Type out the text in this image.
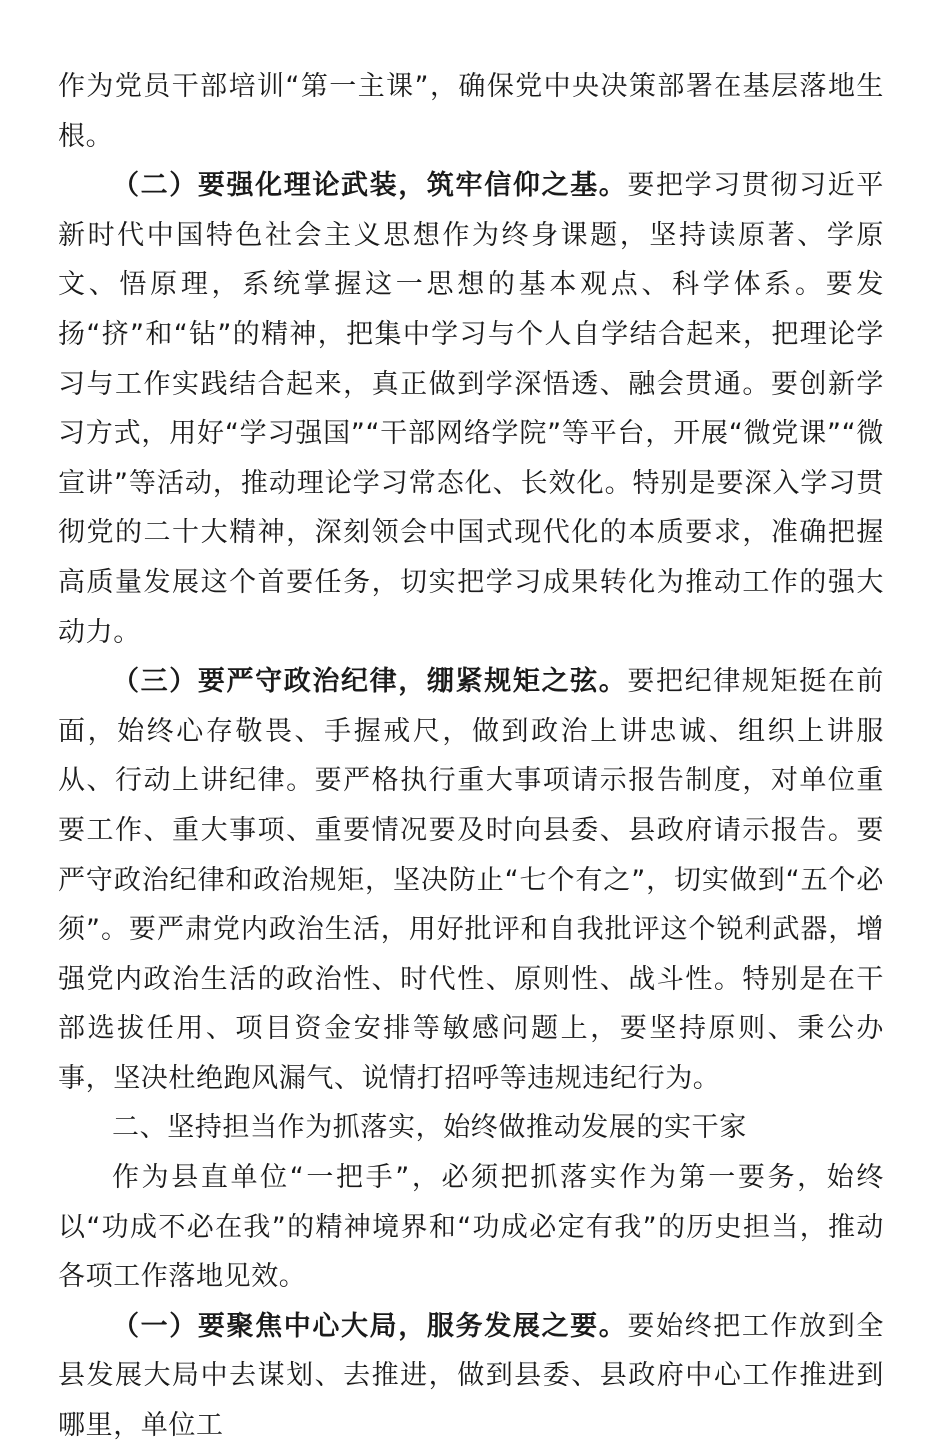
作为党员干部培训“第一主课”，确保党中央决策部署在基层落地生根。

（二）要强化理论武装，筑牢信仰之基。要把学习贯彻习近平新时代中国特色社会主义思想作为终身课题，坚持读原著、学原文、悟原理，系统掌握这一思想的基本观点、科学体系。要发扬“挤”和“钻”的精神，把集中学习与个人自学结合起来，把理论学习与工作实践结合起来，真正做到学深悟透、融会贯通。要创新学习方式，用好“学习强国”“干部网络学院”等平台，开展“微党课”“微宣讲”等活动，推动理论学习常态化、长效化。特别是要深入学习贯彻党的二十大精神，深刻领会中国式现代化的本质要求，准确把握高质量发展这个首要任务，切实把学习成果转化为推动工作的强大动力。

（三）要严守政治纪律，绷紧规矩之弦。要把纪律规矩挺在前面，始终心存敬畏、手握戒尺，做到政治上讲忠诚、组织上讲服从、行动上讲纪律。要严格执行重大事项请示报告制度，对单位重要工作、重大事项、重要情况要及时向县委、县政府请示报告。要严守政治纪律和政治规矩，坚决防止“七个有之”，切实做到“五个必须”。要严肃党内政治生活，用好批评和自我批评这个锐利武器，增强党内政治生活的政治性、时代性、原则性、战斗性。特别是在干部选拔任用、项目资金安排等敏感问题上，要坚持原则、秉公办事，坚决杜绝跑风漏气、说情打招呼等违规违纪行为。

二、坚持担当作为抓落实，始终做推动发展的实干家

作为县直单位“一把手”，必须把抓落实作为第一要务，始终以“功成不必在我”的精神境界和“功成必定有我”的历史担当，推动各项工作落地见效。

（一）要聚焦中心大局，服务发展之要。要始终把工作放到全县发展大局中去谋划、去推进，做到县委、县政府中心工作推进到哪里，单位工
